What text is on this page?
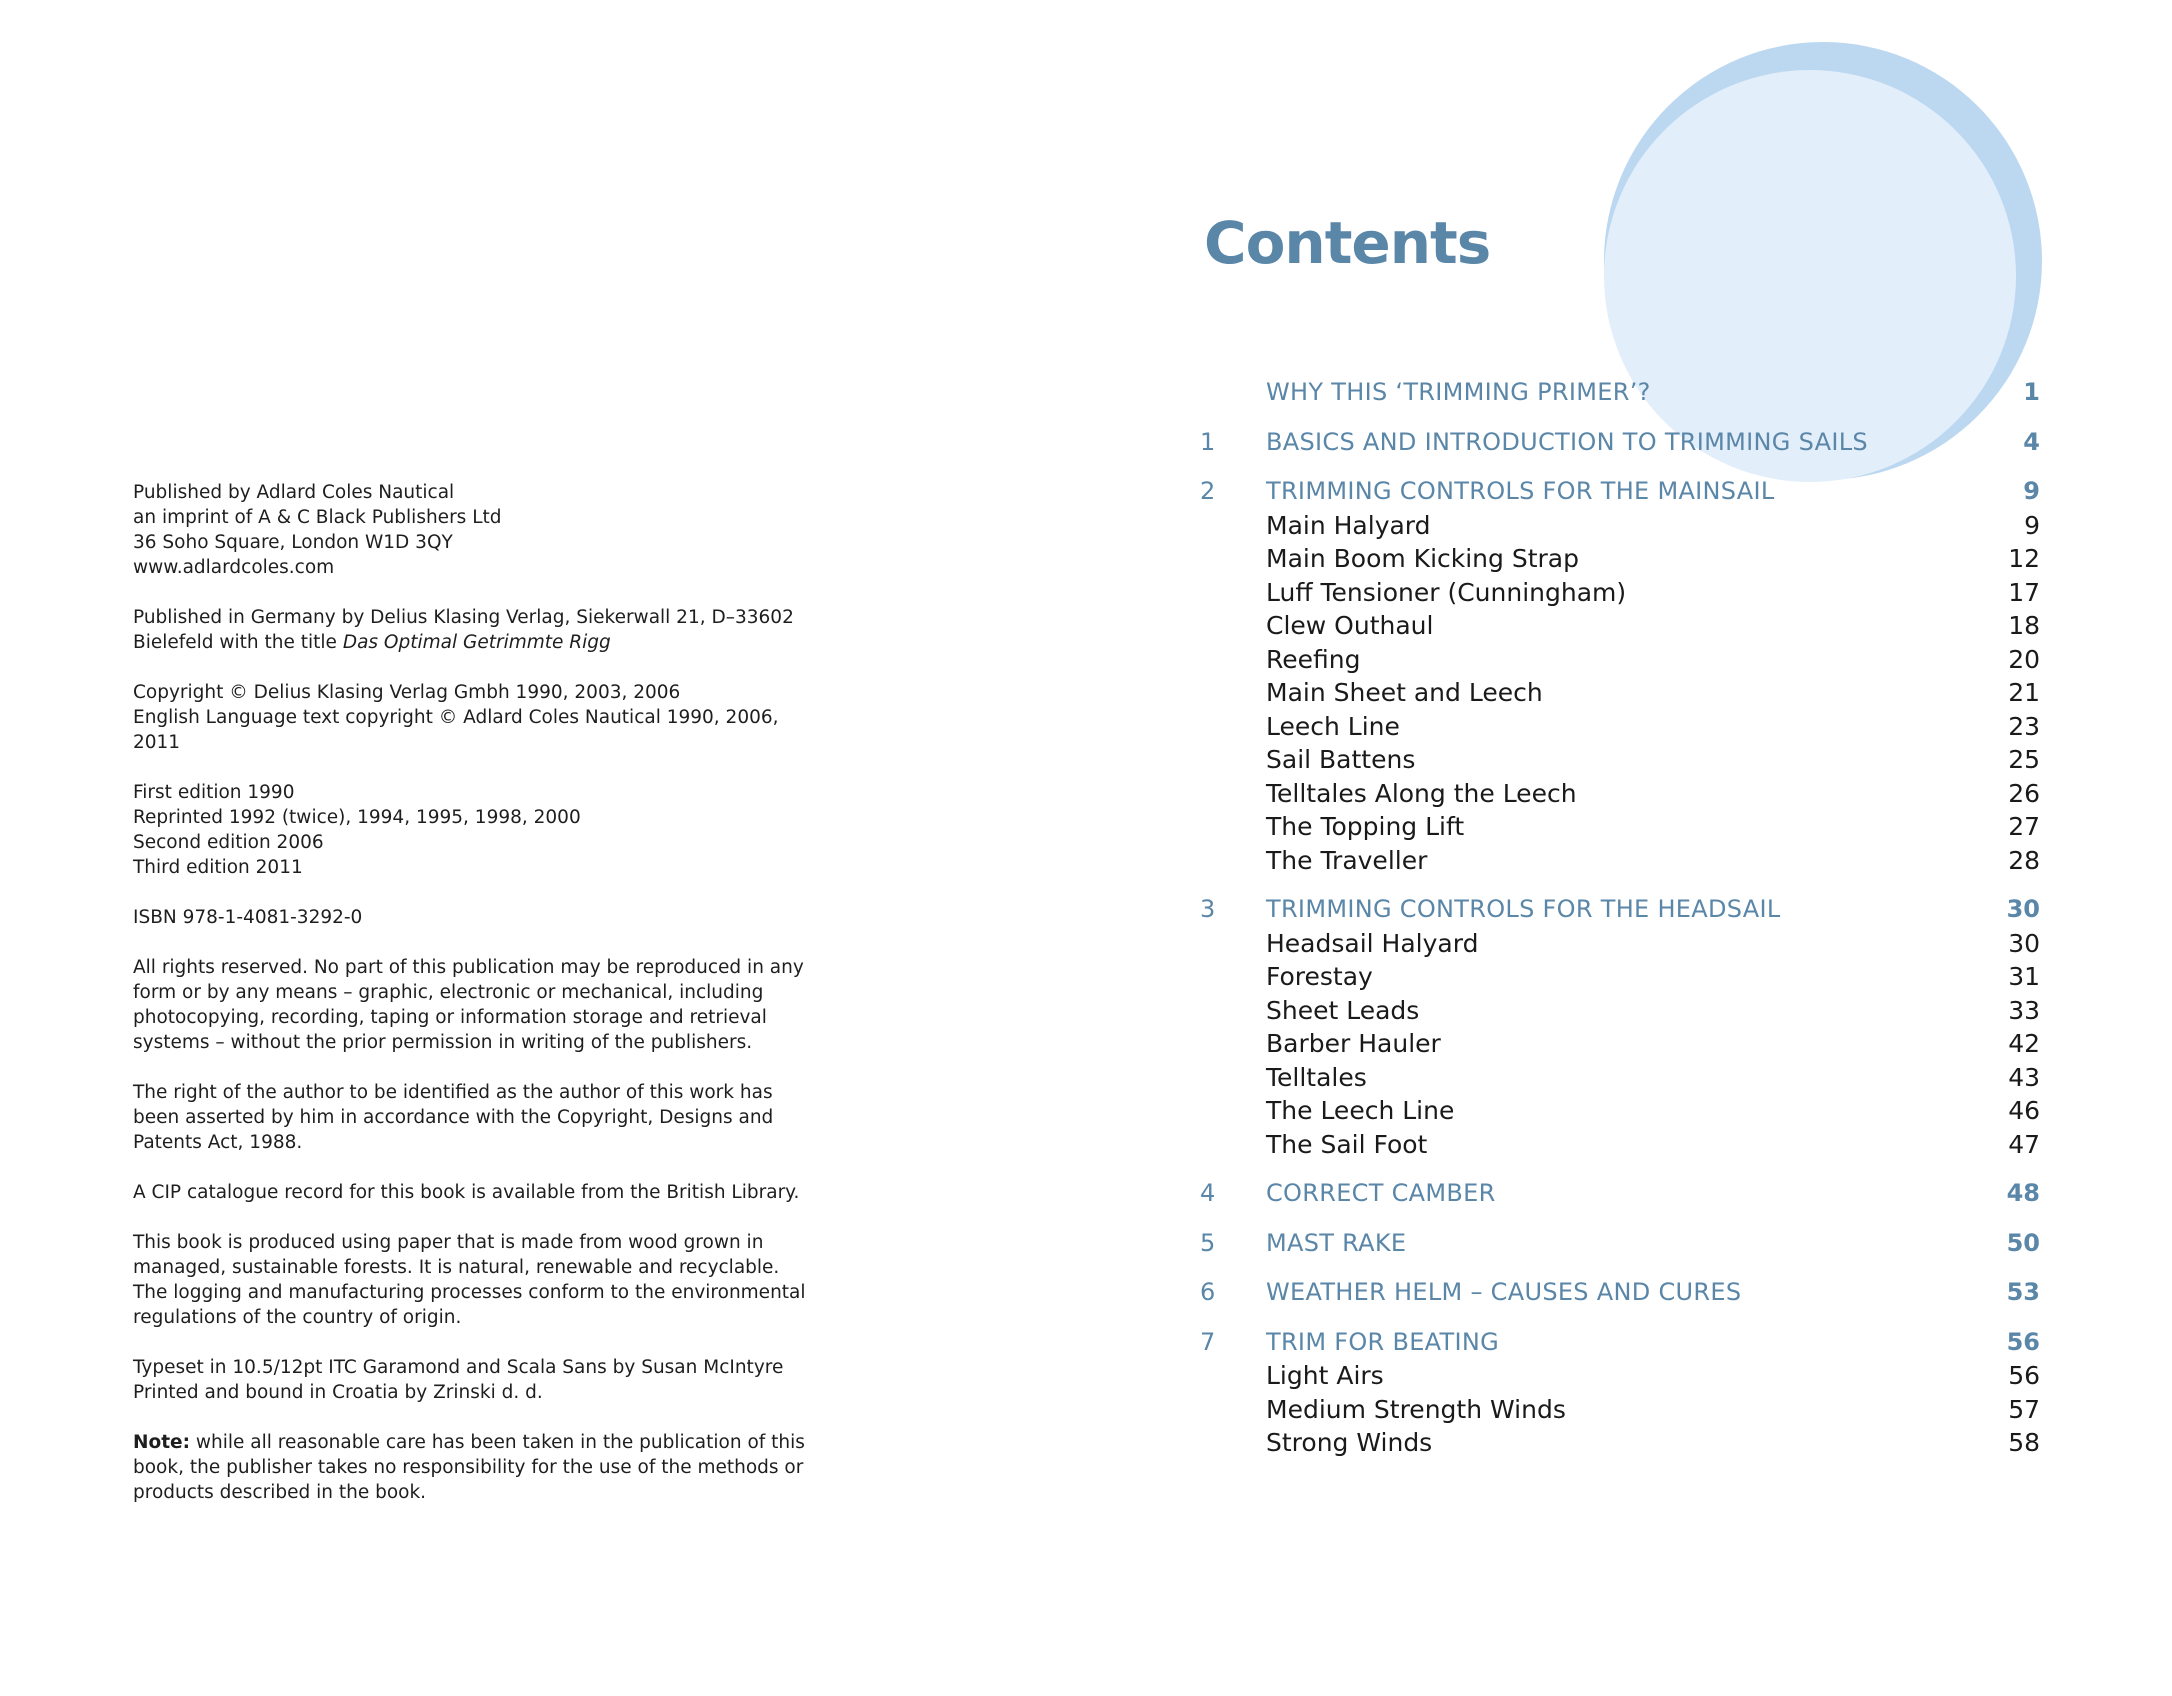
Published by Adlard Coles Nautical
an imprint of A & C Black Publishers Ltd
36 Soho Square, London W1D 3QY
www.adlardcoles.com
Published in Germany by Delius Klasing Verlag, Siekerwall 21, D–33602
Bielefeld with the title Das Optimal Getrimmte Rigg
Copyright © Delius Klasing Verlag Gmbh 1990, 2003, 2006
English Language text copyright © Adlard Coles Nautical 1990, 2006,
2011
First edition 1990
Reprinted 1992 (twice), 1994, 1995, 1998, 2000
Second edition 2006
Third edition 2011
ISBN 978-1-4081-3292-0
All rights reserved. No part of this publication may be reproduced in any
form or by any means – graphic, electronic or mechanical, including
photocopying, recording, taping or information storage and retrieval
systems – without the prior permission in writing of the publishers.
The right of the author to be identified as the author of this work has
been asserted by him in accordance with the Copyright, Designs and
Patents Act, 1988.
A CIP catalogue record for this book is available from the British Library.
This book is produced using paper that is made from wood grown in
managed, sustainable forests. It is natural, renewable and recyclable.
The logging and manufacturing processes conform to the environmental
regulations of the country of origin.
Typeset in 10.5/12pt ITC Garamond and Scala Sans by Susan McIntyre
Printed and bound in Croatia by Zrinski d. d.
Note: while all reasonable care has been taken in the publication of this
book, the publisher takes no responsibility for the use of the methods or
products described in the book.
Contents
WHY THIS ‘TRIMMING PRIMER’?	1
1	BASICS AND INTRODUCTION TO TRIMMING SAILS	4
2	TRIMMING CONTROLS FOR THE MAINSAIL	9
Main Halyard	9
Main Boom Kicking Strap	12
Luff Tensioner (Cunningham)	17
Clew Outhaul	18
Reefing	20
Main Sheet and Leech	21
Leech Line	23
Sail Battens	25
Telltales Along the Leech	26
The Topping Lift	27
The Traveller	28
3	TRIMMING CONTROLS FOR THE HEADSAIL	30
Headsail Halyard	30
Forestay	31
Sheet Leads	33
Barber Hauler	42
Telltales	43
The Leech Line	46
The Sail Foot	47
4	CORRECT CAMBER	48
5	MAST RAKE	50
6	WEATHER HELM – CAUSES AND CURES	53
7	TRIM FOR BEATING	56
Light Airs	56
Medium Strength Winds	57
Strong Winds	58
